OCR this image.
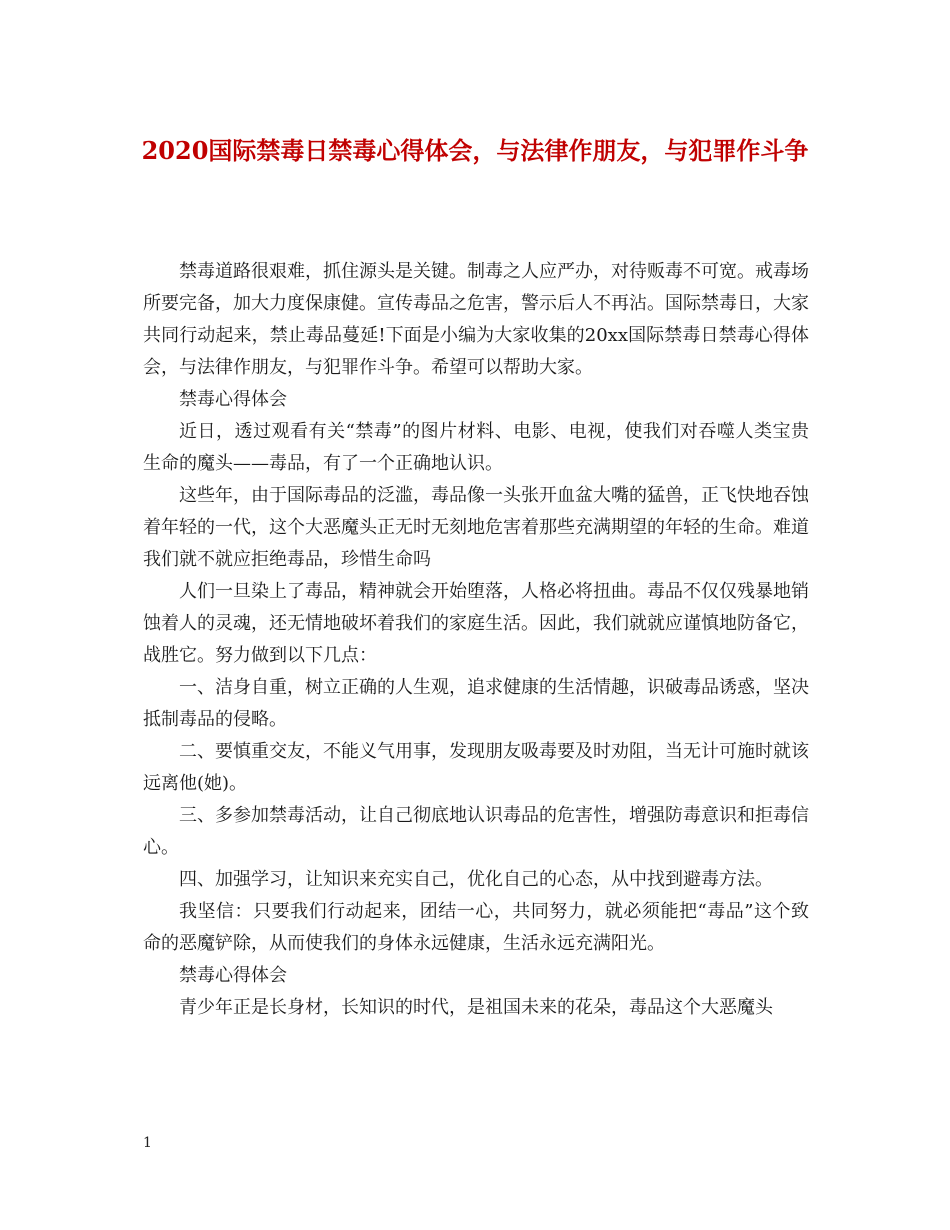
2020国际禁毒日禁毒心得体会，与法律作朋友，与犯罪作斗争

禁毒道路很艰难，抓住源头是关键。制毒之人应严办，对待贩毒不可宽。戒毒场所要完备，加大力度保康健。宣传毒品之危害，警示后人不再沾。国际禁毒日，大家共同行动起来，禁止毒品蔓延!下面是小编为大家收集的20xx国际禁毒日禁毒心得体会，与法律作朋友，与犯罪作斗争。希望可以帮助大家。

禁毒心得体会

近日，透过观看有关“禁毒”的图片材料、电影、电视，使我们对吞噬人类宝贵生命的魔头——毒品，有了一个正确地认识。

这些年，由于国际毒品的泛滥，毒品像一头张开血盆大嘴的猛兽，正飞快地吞蚀着年轻的一代，这个大恶魔头正无时无刻地危害着那些充满期望的年轻的生命。难道我们就不就应拒绝毒品，珍惜生命吗

人们一旦染上了毒品，精神就会开始堕落，人格必将扭曲。毒品不仅仅残暴地销蚀着人的灵魂，还无情地破坏着我们的家庭生活。因此，我们就就应谨慎地防备它，战胜它。努力做到以下几点：

一、洁身自重，树立正确的人生观，追求健康的生活情趣，识破毒品诱惑，坚决抵制毒品的侵略。

二、要慎重交友，不能义气用事，发现朋友吸毒要及时劝阻，当无计可施时就该远离他(她)。

三、多参加禁毒活动，让自己彻底地认识毒品的危害性，增强防毒意识和拒毒信心。

四、加强学习，让知识来充实自己，优化自己的心态，从中找到避毒方法。

我坚信：只要我们行动起来，团结一心，共同努力，就必须能把“毒品”这个致命的恶魔铲除，从而使我们的身体永远健康，生活永远充满阳光。

禁毒心得体会

青少年正是长身材，长知识的时代，是祖国未来的花朵，毒品这个大恶魔头

1
